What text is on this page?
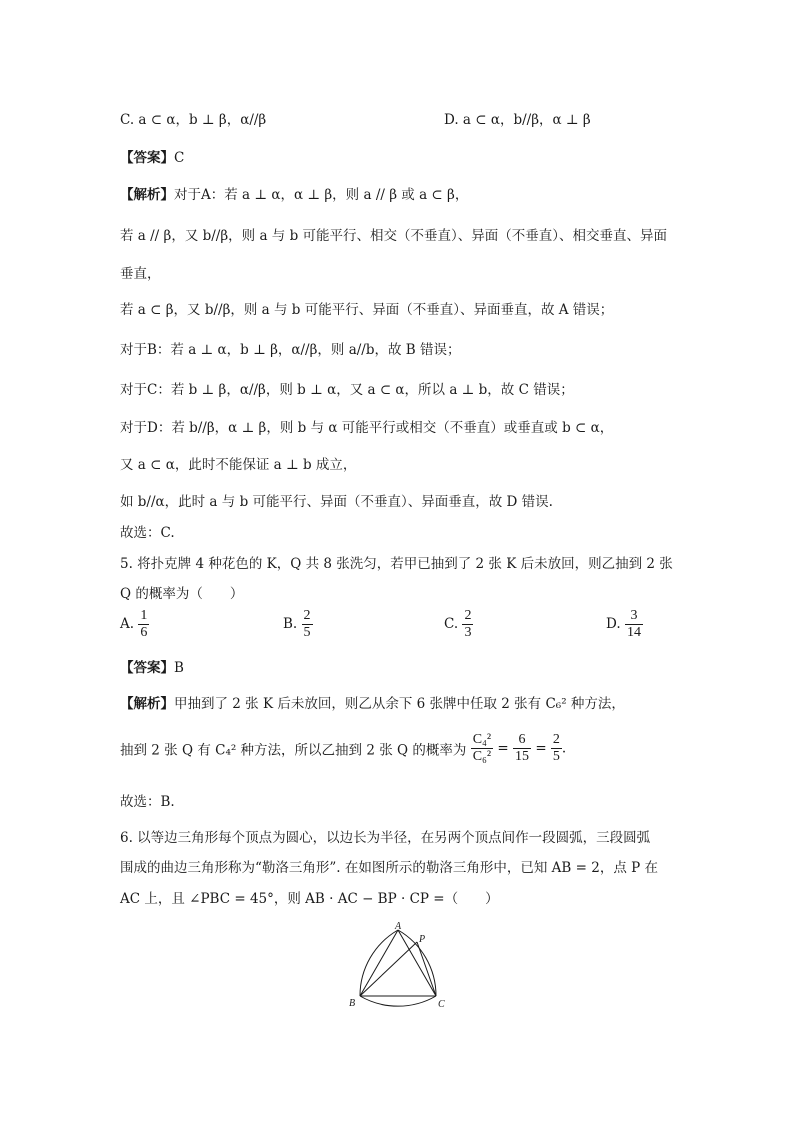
C. a ⊂ α，b ⊥ β，α//β	D. a ⊂ α，b//β，α ⊥ β
【答案】C
【解析】对于A：若 a ⊥ α，α ⊥ β，则 a // β 或 a ⊂ β，
若 a // β，又 b//β，则 a 与 b 可能平行、相交（不垂直）、异面（不垂直）、相交垂直、异面
垂直，
若 a ⊂ β，又 b//β，则 a 与 b 可能平行、异面（不垂直）、异面垂直，故 A 错误；
对于B：若 a ⊥ α，b ⊥ β，α//β，则 a//b，故 B 错误；
对于C：若 b ⊥ β，α//β，则 b ⊥ α，又 a ⊂ α，所以 a ⊥ b，故 C 错误；
对于D：若 b//β，α ⊥ β，则 b 与 α 可能平行或相交（不垂直）或垂直或 b ⊂ α，
又 a ⊂ α，此时不能保证 a ⊥ b 成立，
如 b//α，此时 a 与 b 可能平行、异面（不垂直）、异面垂直，故 D 错误.
故选：C.
5. 将扑克牌 4 种花色的 K，Q 共 8 张洗匀，若甲已抽到了 2 张 K 后未放回，则乙抽到 2 张
Q 的概率为（　　）
A. $\frac{1}{6}$	B. $\frac{2}{5}$	C. $\frac{2}{3}$	D. $\frac{3}{14}$
【答案】B
【解析】甲抽到了 2 张 K 后未放回，则乙从余下 6 张牌中任取 2 张有 C₆² 种方法，
抽到 2 张 Q 有 C₄² 种方法，所以乙抽到 2 张 Q 的概率为 $\frac{\text{C₄²}}{\text{C₆²}} = \frac{6}{15} = \frac{2}{5}$ .
故选：B.
6. 以等边三角形每个顶点为圆心，以边长为半径，在另两个顶点间作一段圆弧，三段圆弧
围成的曲边三角形称为“勒洛三角形”. 在如图所示的勒洛三角形中，已知 AB = 2，点 P 在
AC 上，且 ∠PBC = 45°，则 AB · AC − BP · CP =（　　）
A
P
B	C
